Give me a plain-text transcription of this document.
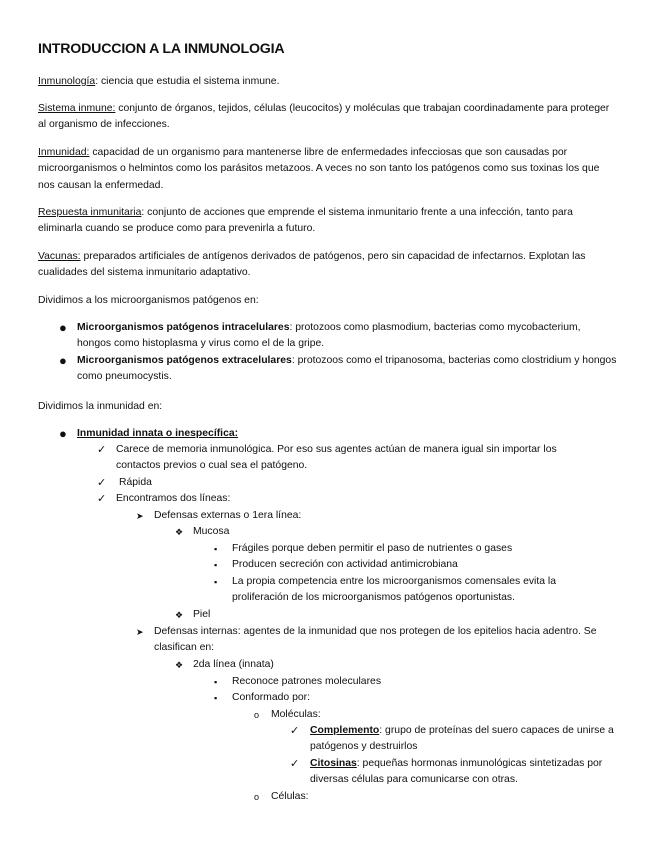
INTRODUCCION A LA INMUNOLOGIA
Inmunología: ciencia que estudia el sistema inmune.
Sistema inmune: conjunto de órganos, tejidos, células (leucocitos) y moléculas que trabajan coordinadamente para proteger al organismo de infecciones.
Inmunidad: capacidad de un organismo para mantenerse libre de enfermedades infecciosas que son causadas por microorganismos o helmintos como los parásitos metazoos. A veces no son tanto los patógenos como sus toxinas los que nos causan la enfermedad.
Respuesta inmunitaria: conjunto de acciones que emprende el sistema inmunitario frente a una infección, tanto para eliminarla cuando se produce como para prevenirla a futuro.
Vacunas: preparados artificiales de antígenos derivados de patógenos, pero sin capacidad de infectarnos. Explotan las cualidades del sistema inmunitario adaptativo.
Dividimos a los microorganismos patógenos en:
● Microorganismos patógenos intracelulares: protozoos como plasmodium, bacterias como mycobacterium, hongos como histoplasma y virus como el de la gripe.
● Microorganismos patógenos extracelulares: protozoos como el tripanosoma, bacterias como clostridium y hongos como pneumocystis.
Dividimos la inmunidad en:
● Inmunidad innata o inespecífica:
✓ Carece de memoria inmunológica. Por eso sus agentes actúan de manera igual sin importar los contactos previos o cual sea el patógeno.
✓ Rápida
✓ Encontramos dos líneas:
➤ Defensas externas o 1era línea:
❖ Mucosa
▪ Frágiles porque deben permitir el paso de nutrientes o gases
▪ Producen secreción con actividad antimicrobiana
▪ La propia competencia entre los microorganismos comensales evita la proliferación de los microorganismos patógenos oportunistas.
❖ Piel
➤ Defensas internas: agentes de la inmunidad que nos protegen de los epitelios hacia adentro. Se clasifican en:
❖ 2da línea (innata)
▪ Reconoce patrones moleculares
▪ Conformado por:
o Moléculas:
✓ Complemento: grupo de proteínas del suero capaces de unirse a patógenos y destruirlos
✓ Citosinas: pequeñas hormonas inmunológicas sintetizadas por diversas células para comunicarse con otras.
o Células:
